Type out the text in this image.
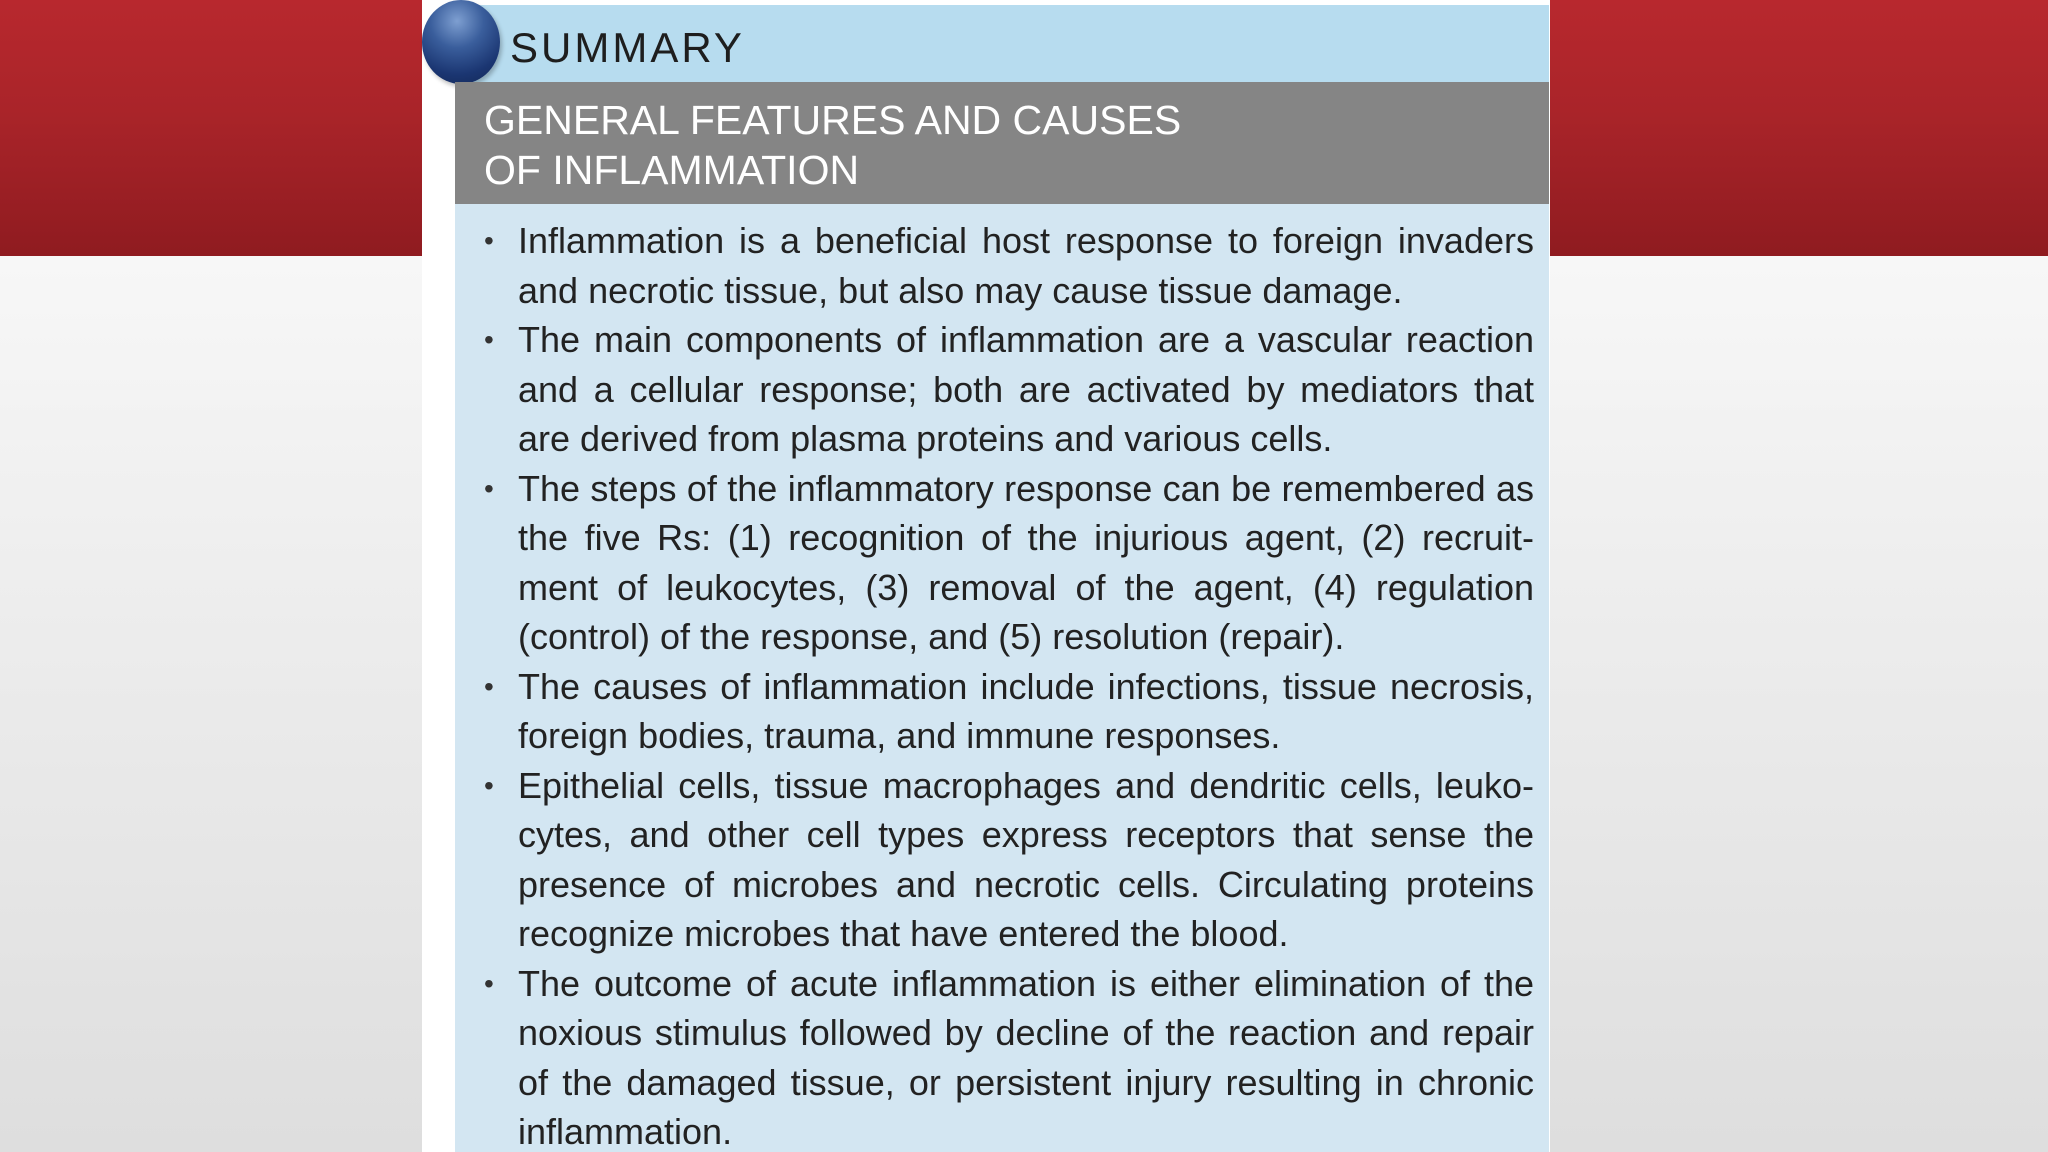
SUMMARY
GENERAL FEATURES AND CAUSES
OF INFLAMMATION
• Inflammation is a beneficial host response to foreign invaders and necrotic tissue, but also may cause tissue damage.
• The main components of inflammation are a vascular reaction and a cellular response; both are activated by mediators that are derived from plasma proteins and various cells.
• The steps of the inflammatory response can be remembered as the five Rs: (1) recognition of the injurious agent, (2) recruit-ment of leukocytes, (3) removal of the agent, (4) regulation (control) of the response, and (5) resolution (repair).
• The causes of inflammation include infections, tissue necrosis, foreign bodies, trauma, and immune responses.
• Epithelial cells, tissue macrophages and dendritic cells, leuko-cytes, and other cell types express receptors that sense the presence of microbes and necrotic cells. Circulating proteins recognize microbes that have entered the blood.
• The outcome of acute inflammation is either elimination of the noxious stimulus followed by decline of the reaction and repair of the damaged tissue, or persistent injury resulting in chronic inflammation.
